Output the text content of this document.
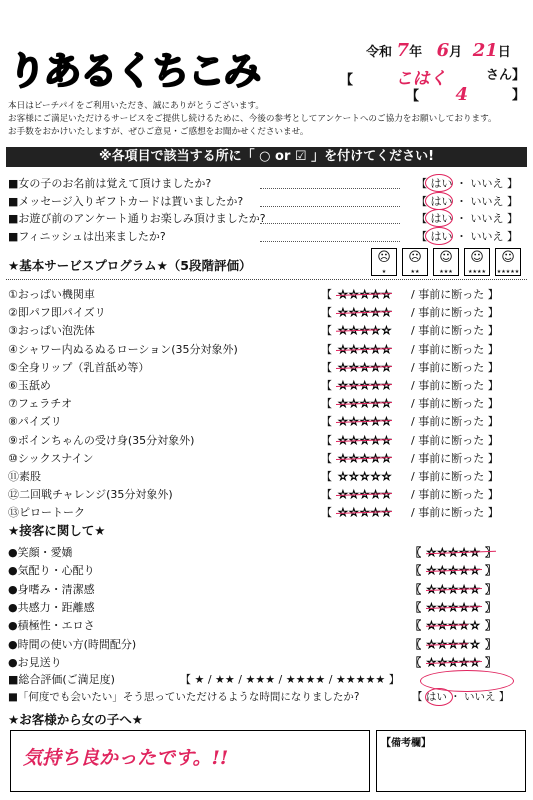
りあるくちこみ	令和 7年 6月 21日
【	こはく	さん】
【 4	】
本日はピーチパイをご利用いただき、誠にありがとうございます。
お客様にご満足いただけるサービスをご提供し続けるために、今後の参考としてアンケートへのご協力をお願いしております。
お手数をおかけいたしますが、ぜひご意見・ご感想をお聞かせくださいませ。
※各項目で該当する所に「 ○ or ☑ 」を付けてください!
■女の子のお名前は覚えて頂けましたか?	【 はい ・ いいえ 】
■メッセージ入りギフトカードは貰いましたか?	【 はい ・ いいえ 】
■お遊び前のアンケート通りお楽しみ頂けましたか?	【 はい ・ いいえ 】
■フィニッシュは出来ましたか?	【 はい ・ いいえ 】
★基本サービスプログラム★（5段階評価）
☹
★
☹
★★
☺
★★★
☺
★★★★
☺
★★★★★
①おっぱい機関車	【 ☆☆☆☆☆ / 事前に断った 】
②即パフ即パイズリ	【 ☆☆☆☆☆ / 事前に断った 】
③おっぱい泡洗体	【 ☆☆☆☆☆ / 事前に断った 】
④シャワー内ぬるぬるローション(35分対象外)	【 ☆☆☆☆☆ / 事前に断った 】
⑤全身リップ（乳首舐め等）	【 ☆☆☆☆☆ / 事前に断った 】
⑥玉舐め	【 ☆☆☆☆☆ / 事前に断った 】
⑦フェラチオ	【 ☆☆☆☆☆ / 事前に断った 】
⑧パイズリ	【 ☆☆☆☆☆ / 事前に断った 】
⑨ポインちゃんの受け身(35分対象外)	【 ☆☆☆☆☆ / 事前に断った 】
⑩シックスナイン	【 ☆☆☆☆☆ / 事前に断った 】
⑪素股	【 ☆☆☆☆☆ / 事前に断った 】
⑫二回戦チャレンジ(35分対象外)	【 ☆☆☆☆☆ / 事前に断った 】
⑬ピロートーク	【 ☆☆☆☆☆ / 事前に断った 】
★接客に関して★
●笑顔・愛嬌	【 ☆☆☆☆☆ 】
●気配り・心配り	【 ☆☆☆☆☆ 】
●身嗜み・清潔感	【 ☆☆☆☆☆ 】
●共感力・距離感	【 ☆☆☆☆☆ 】
●積極性・エロさ	【 ☆☆☆☆☆ 】
●時間の使い方(時間配分)	【 ☆☆☆☆☆ 】
●お見送り	【 ☆☆☆☆☆ 】
■総合評価(ご満足度)	【 ★ / ★★ / ★★★ / ★★★★ / ★★★★★ 】
■「何度でも会いたい」そう思っていただけるような時間になりましたか?	【 はい ・ いいえ 】
★お客様から女の子へ★
気持ち良かったです。!!
【備考欄】
